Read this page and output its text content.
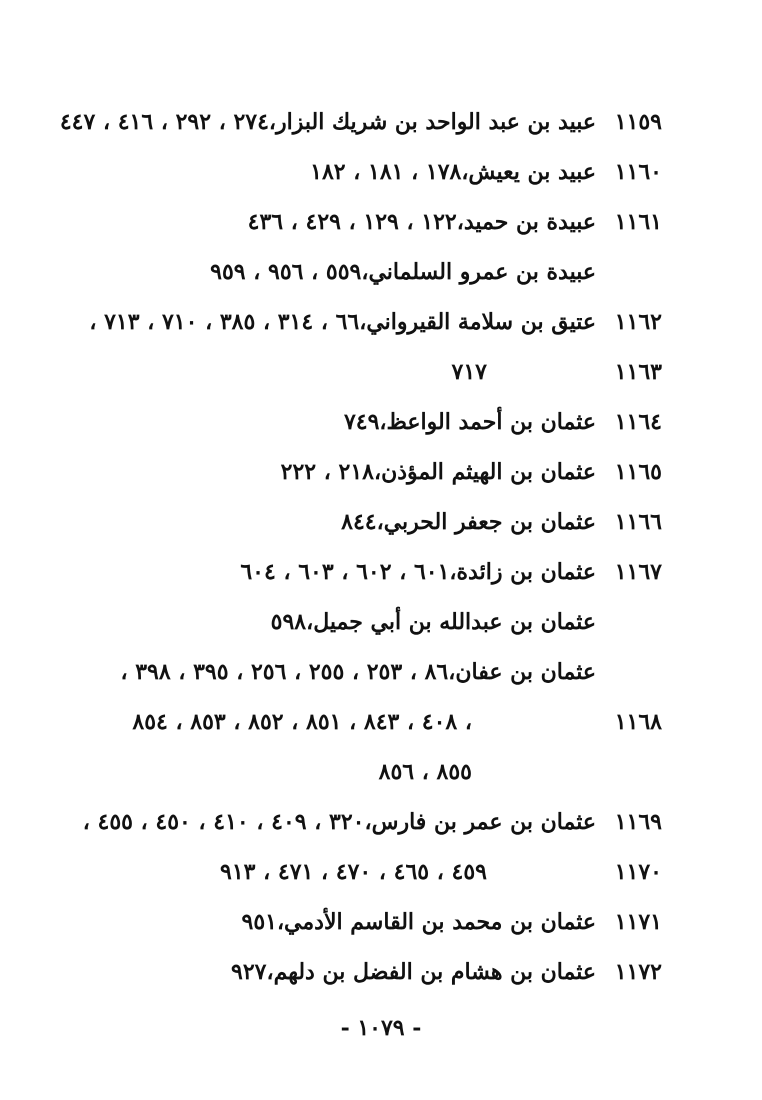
١١٥٩
عبيد بن عبد الواحد بن شريك البزار،٢٧٤ ، ٢٩٢ ، ٤١٦ ، ٤٤٧
١١٦٠
عبيد بن يعيش،١٧٨ ، ١٨١ ، ١٨٢
١١٦١
عبيدة بن حميد،١٢٢ ، ١٢٩ ، ٤٢٩ ، ٤٣٦
عبيدة بن عمرو السلماني،٥٥٩ ، ٩٥٦ ، ٩٥٩
١١٦٢
عتيق بن سلامة القيرواني،٦٦ ، ٣١٤ ، ٣٨٥ ، ٧١٠ ، ٧١٣ ،
١١٦٣
٧١٧
١١٦٤
عثمان بن أحمد الواعظ،٧٤٩
١١٦٥
عثمان بن الهيثم المؤذن،٢١٨ ، ٢٢٢
١١٦٦
عثمان بن جعفر الحربي،٨٤٤
١١٦٧
عثمان بن زائدة،٦٠١ ، ٦٠٢ ، ٦٠٣ ، ٦٠٤
عثمان بن عبدالله بن أبي جميل،٥٩٨
عثمان بن عفان،٨٦ ، ٢٥٣ ، ٢٥٥ ، ٢٥٦ ، ٣٩٥ ، ٣٩٨ ،
١١٦٨
٤٠٨ ، ٨٤٣ ، ٨٥١ ، ٨٥٢ ، ٨٥٣ ، ٨٥٤ ،
٨٥٥ ، ٨٥٦
١١٦٩
عثمان بن عمر بن فارس،٣٢٠ ، ٤٠٩ ، ٤١٠ ، ٤٥٠ ، ٤٥٥ ،
١١٧٠
٤٥٩ ، ٤٦٥ ، ٤٧٠ ، ٤٧١ ، ٩١٣
١١٧١
عثمان بن محمد بن القاسم الأدمي،٩٥١
١١٧٢
عثمان بن هشام بن الفضل بن دلهم،٩٢٧
- ١٠٧٩ -
